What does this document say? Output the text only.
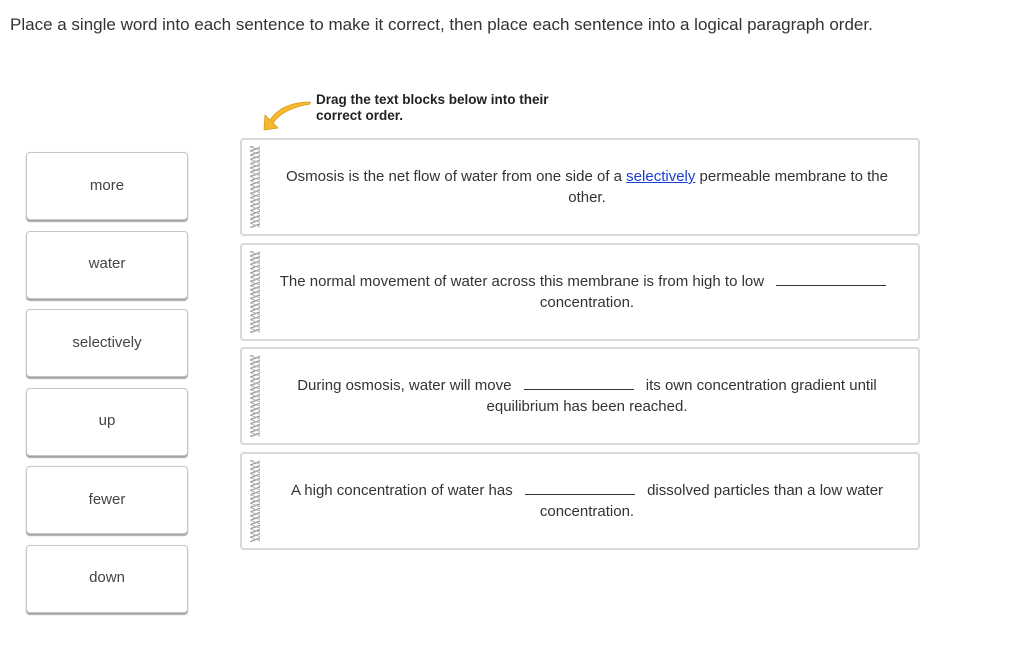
Place a single word into each sentence to make it correct, then place each sentence into a logical paragraph order.
Drag the text blocks below into their
correct order.
more
water
selectively
up
fewer
down
Osmosis is the net flow of water from one side of a selectively permeable membrane to the other.
The normal movement of water across this membrane is from high to low  concentration.
During osmosis, water will move	its own concentration gradient until equilibrium has been reached.
A high concentration of water has	dissolved particles than a low water concentration.
